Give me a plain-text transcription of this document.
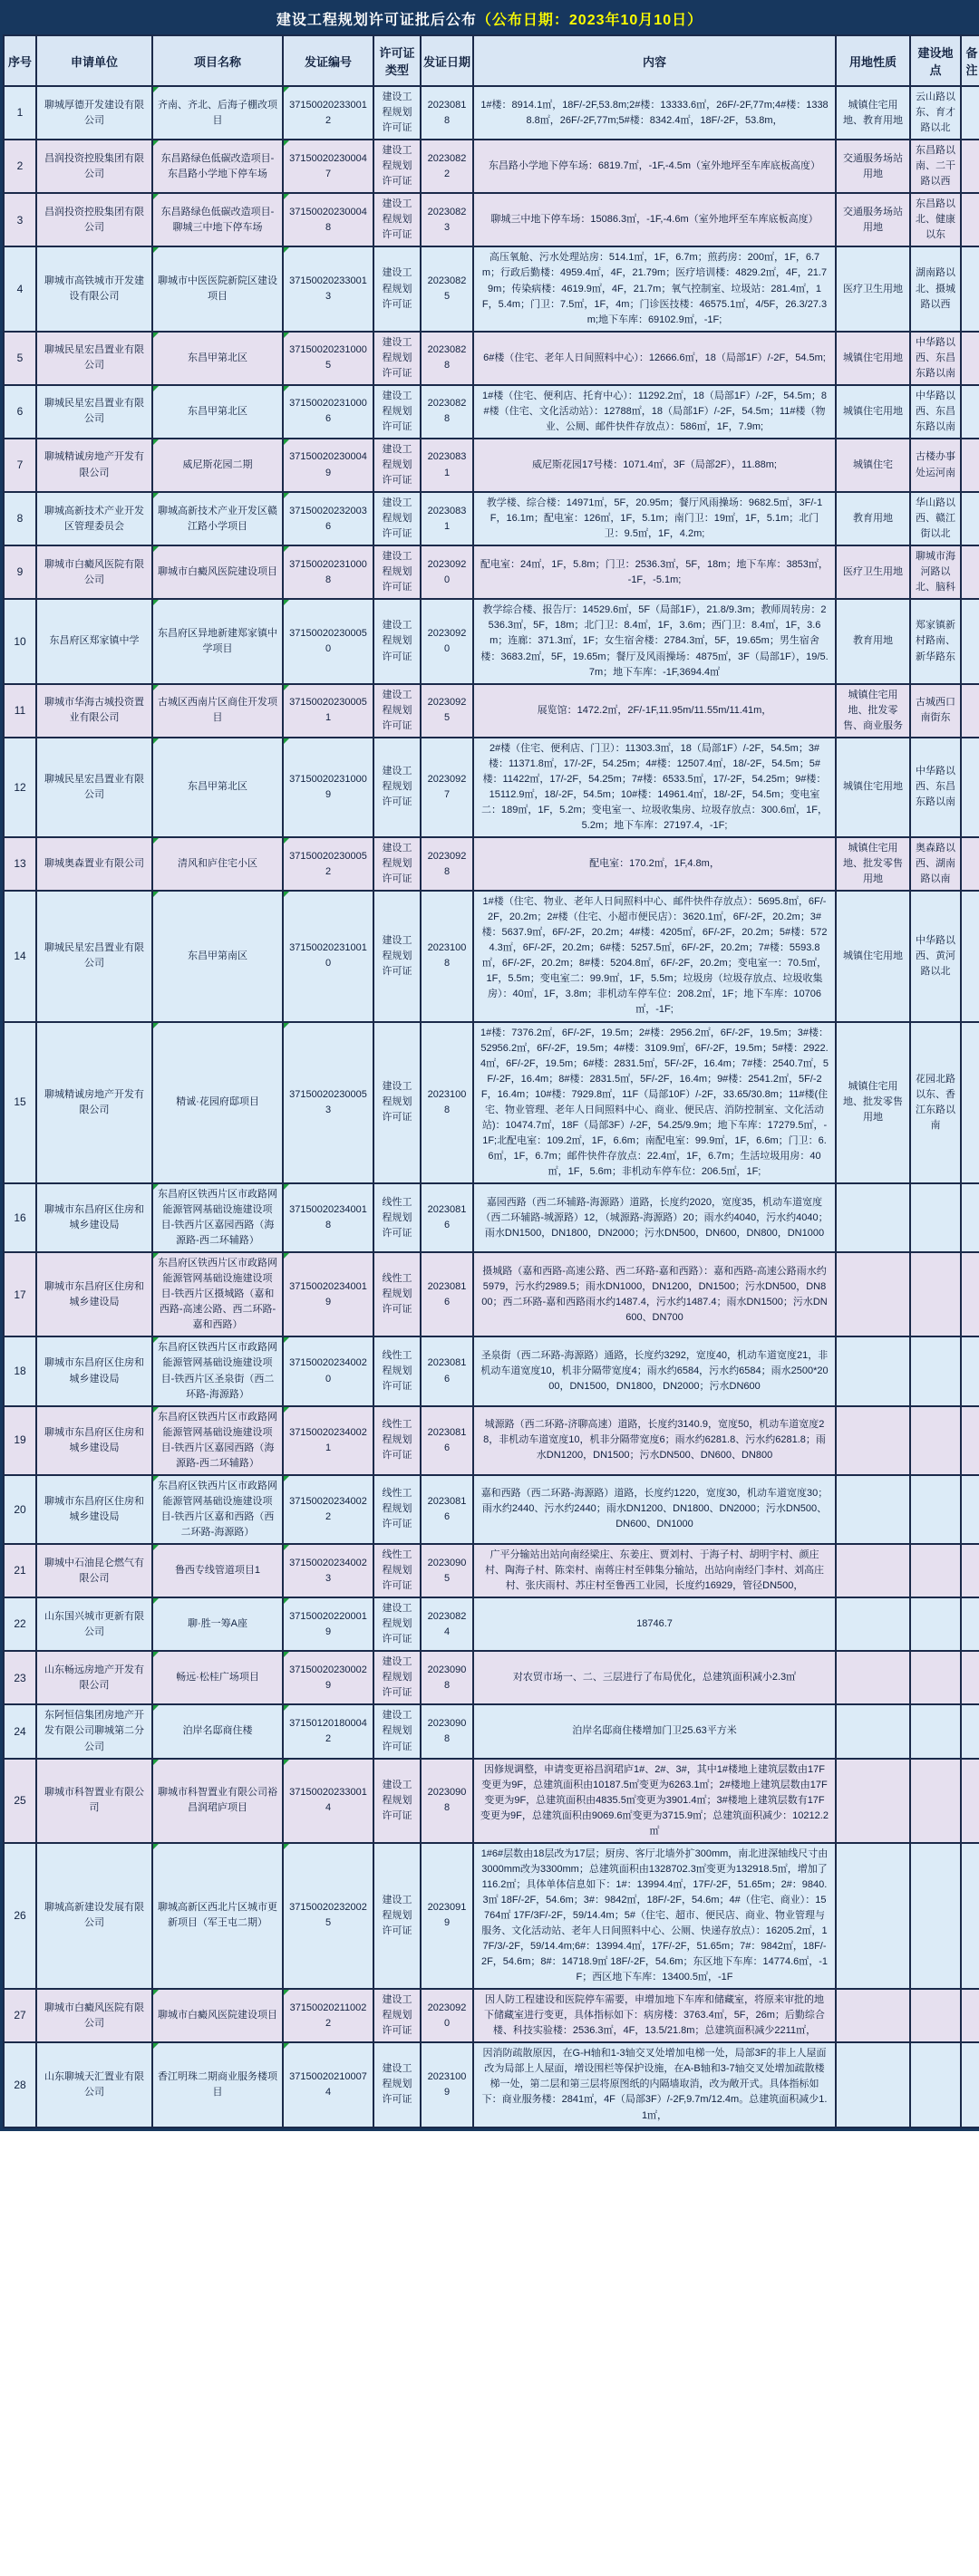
建设工程规划许可证批后公布（公布日期：2023年10月10日）
序号	申请单位	项目名称	发证编号	许可证类型	发证日期	内容	用地性质	建设地点	备注
1	聊城厚德开发建设有限公司	齐南、齐北、后海子棚改项目	371500202330012	建设工程规划许可证	20230818	1#楼：8914.1㎡，18F/-2F,53.8m;2#楼：13333.6㎡，26F/-2F,77m;4#楼：13388.8㎡，26F/-2F,77m;5#楼：8342.4㎡，18F/-2F，53.8m，	城镇住宅用地、教育用地	云山路以东、育才路以北	
2	昌润投资控股集团有限公司	东昌路绿色低碳改造项目-东昌路小学地下停车场	371500202300047	建设工程规划许可证	20230822	东昌路小学地下停车场：6819.7㎡，-1F,-4.5m（室外地坪至车库底板高度）	交通服务场站用地	东昌路以南、二干路以西	
3	昌润投资控股集团有限公司	东昌路绿色低碳改造项目-聊城三中地下停车场	371500202300048	建设工程规划许可证	20230823	聊城三中地下停车场：15086.3㎡，-1F,-4.6m（室外地坪至车库底板高度）	交通服务场站用地	东昌路以北、健康以东	
4	聊城市高铁城市开发建设有限公司	聊城市中医医院新院区建设项目	371500202330013	建设工程规划许可证	20230825	高压氧舱、污水处理站房：514.1㎡，1F，6.7m；煎药房：200㎡，1F，6.7m；行政后勤楼：4959.4㎡，4F，21.79m；医疗培训楼：4829.2㎡，4F，21.79m；传染病楼：4619.9㎡，4F，21.7m；氧气控制室、垃圾站：281.4㎡，1F，5.4m；门卫：7.5㎡，1F，4m；门诊医技楼：46575.1㎡，4/5F，26.3/27.3m;地下车库：69102.9㎡，-1F;	医疗卫生用地	湖南路以北、摄城路以西	
5	聊城民星宏昌置业有限公司	东昌甲第北区	371500202310005	建设工程规划许可证	20230828	6#楼（住宅、老年人日间照料中心）：12666.6㎡，18（局部1F）/-2F，54.5m;	城镇住宅用地	中华路以西、东昌东路以南	
6	聊城民星宏昌置业有限公司	东昌甲第北区	371500202310006	建设工程规划许可证	20230828	1#楼（住宅、便利店、托育中心）：11292.2㎡，18（局部1F）/-2F，54.5m；8#楼（住宅、文化活动站）：12788㎡，18（局部1F）/-2F，54.5m；11#楼（物业、公厕、邮件快件存放点）：586㎡，1F，7.9m;	城镇住宅用地	中华路以西、东昌东路以南	
7	聊城精诚房地产开发有限公司	威尼斯花园二期	371500202300049	建设工程规划许可证	20230831	威尼斯花园17号楼：1071.4㎡，3F（局部2F），11.88m;	城镇住宅	古楼办事处运河南	
8	聊城高新技术产业开发区管理委员会	聊城高新技术产业开发区赣江路小学项目	371500202320036	建设工程规划许可证	20230831	教学楼、综合楼：14971㎡，5F，20.95m；餐厅风雨操场：9682.5㎡，3F/-1F，16.1m；配电室：126㎡，1F，5.1m；南门卫：19㎡，1F，5.1m；北门卫：9.5㎡，1F，4.2m;	教育用地	华山路以西、赣江街以北	
9	聊城市白癜风医院有限公司	聊城市白癜风医院建设项目	371500202310008	建设工程规划许可证	20230920	配电室：24㎡，1F，5.8m；门卫：2536.3㎡，5F，18m；地下车库：3853㎡，-1F，-5.1m;	医疗卫生用地	聊城市海河路以北、脑科	
10	东昌府区郑家镇中学	东昌府区异地新建郑家镇中学项目	371500202300050	建设工程规划许可证	20230920	教学综合楼、报告厅：14529.6㎡，5F（局部1F），21.8/9.3m；教师周转房：2536.3㎡，5F，18m；北门卫：8.4㎡，1F，3.6m；西门卫：8.4㎡，1F，3.6m；连廊：371.3㎡，1F；女生宿舍楼：2784.3㎡，5F，19.65m；男生宿舍楼：3683.2㎡，5F，19.65m；餐厅及风雨操场：4875㎡，3F（局部1F），19/5.7m；地下车库：-1F,3694.4㎡	教育用地	郑家镇新村路南、新华路东	
11	聊城市华海古城投资置业有限公司	古城区西南片区商住开发项目	371500202300051	建设工程规划许可证	20230925	展览馆：1472.2㎡，2F/-1F,11.95m/11.55m/11.41m，	城镇住宅用地、批发零售、商业服务	古城西口南街东	
12	聊城民星宏昌置业有限公司	东昌甲第北区	371500202310009	建设工程规划许可证	20230927	2#楼（住宅、便利店、门卫）：11303.3㎡，18（局部1F）/-2F，54.5m；3#楼：11371.8㎡，17/-2F，54.25m；4#楼：12507.4㎡，18/-2F，54.5m；5#楼：11422㎡，17/-2F，54.25m；7#楼：6533.5㎡，17/-2F，54.25m；9#楼：15112.9㎡，18/-2F，54.5m；10#楼：14961.4㎡，18/-2F，54.5m；变电室二：189㎡，1F，5.2m；变电室一、垃圾收集房、垃圾存放点：300.6㎡，1F，5.2m；地下车库：27197.4，-1F;	城镇住宅用地	中华路以西、东昌东路以南	
13	聊城奥森置业有限公司	清风和庐住宅小区	371500202300052	建设工程规划许可证	20230928	配电室：170.2㎡，1F,4.8m，	城镇住宅用地、批发零售用地	奥森路以西、湖南路以南	
14	聊城民星宏昌置业有限公司	东昌甲第南区	371500202310010	建设工程规划许可证	20231008	1#楼（住宅、物业、老年人日间照料中心、邮件快件存放点）：5695.8㎡，6F/-2F，20.2m；2#楼（住宅、小超市便民店）：3620.1㎡，6F/-2F，20.2m；3#楼：5637.9㎡，6F/-2F，20.2m；4#楼：4205㎡，6F/-2F，20.2m；5#楼：5724.3㎡，6F/-2F，20.2m；6#楼：5257.5㎡，6F/-2F，20.2m；7#楼：5593.8㎡，6F/-2F，20.2m；8#楼：5204.8㎡，6F/-2F，20.2m；变电室一：70.5㎡，1F，5.5m；变电室二：99.9㎡，1F，5.5m；垃圾房（垃圾存放点、垃圾收集房）：40㎡，1F，3.8m；非机动车停车位：208.2㎡，1F；地下车库：10706㎡，-1F;	城镇住宅用地	中华路以西、黄河路以北	
15	聊城精诚房地产开发有限公司	精诚·花园府邸项目	371500202300053	建设工程规划许可证	20231008	1#楼：7376.2㎡，6F/-2F，19.5m；2#楼：2956.2㎡，6F/-2F，19.5m；3#楼：52956.2㎡，6F/-2F，19.5m；4#楼：3109.9㎡，6F/-2F，19.5m；5#楼：2922.4㎡，6F/-2F，19.5m；6#楼：2831.5㎡，5F/-2F，16.4m；7#楼：2540.7㎡，5F/-2F，16.4m；8#楼：2831.5㎡，5F/-2F，16.4m；9#楼：2541.2㎡，5F/-2F，16.4m；10#楼：7929.8㎡，11F（局部10F）/-2F，33.65/30.8m；11#楼(住宅、物业管理、老年人日间照料中心、商业、便民店、消防控制室、文化活动站)：10474.7㎡，18F（局部3F）/-2F，54.25/9.9m；地下车库：17279.5㎡，-1F;北配电室：109.2㎡，1F，6.6m；南配电室：99.9㎡，1F，6.6m；门卫：6.6㎡，1F，6.7m；邮件快件存放点：22.4㎡，1F，6.7m；生活垃圾用房：40㎡，1F，5.6m；非机动车停车位：206.5㎡，1F;	城镇住宅用地、批发零售用地	花园北路以东、香江东路以南	
16	聊城市东昌府区住房和城乡建设局	东昌府区铁西片区市政路网能源管网基础设施建设项目-铁西片区嘉园西路（海源路-西二环辅路）	371500202340018	线性工程规划许可证	20230816	嘉园西路（西二环辅路-海源路）道路，长度约2020，宽度35，机动车道宽度（西二环辅路-城源路）12，（城源路-海源路）20；雨水约4040，污水约4040；雨水DN1500，DN1800，DN2000；污水DN500，DN600，DN800，DN1000			
17	聊城市东昌府区住房和城乡建设局	东昌府区铁西片区市政路网能源管网基础设施建设项目-铁西片区摄城路（嘉和西路-高速公路、西二环路-嘉和西路）	371500202340019	线性工程规划许可证	20230816	摄城路（嘉和西路-高速公路、西二环路-嘉和西路）：嘉和西路-高速公路雨水约5979，污水约2989.5；雨水DN1000，DN1200，DN1500；污水DN500，DN800；西二环路-嘉和西路雨水约1487.4，污水约1487.4；雨水DN1500；污水DN600、DN700			
18	聊城市东昌府区住房和城乡建设局	东昌府区铁西片区市政路网能源管网基础设施建设项目-铁西片区圣泉街（西二环路-海源路）	371500202340020	线性工程规划许可证	20230816	圣泉街（西二环路-海源路）通路，长度约3292，宽度40，机动车道宽度21，非机动车道宽度10，机非分隔带宽度4；雨水约6584，污水约6584；雨水2500*2000，DN1500，DN1800，DN2000；污水DN600			
19	聊城市东昌府区住房和城乡建设局	东昌府区铁西片区市政路网能源管网基础设施建设项目-铁西片区嘉园西路（海源路-西二环辅路）	371500202340021	线性工程规划许可证	20230816	城源路（西二环路-济聊高速）道路，长度约3140.9，宽度50，机动车道宽度28，非机动车道宽度10，机非分隔带宽度6；雨水约6281.8、污水约6281.8；雨水DN1200，DN1500；污水DN500、DN600、DN800			
20	聊城市东昌府区住房和城乡建设局	东昌府区铁西片区市政路网能源管网基础设施建设项目-铁西片区嘉和西路（西二环路-海源路）	371500202340022	线性工程规划许可证	20230816	嘉和西路（西二环路-海源路）道路，长度约1220，宽度30，机动车道宽度30；雨水约2440、污水约2440；雨水DN1200、DN1800、DN2000；污水DN500、DN600、DN1000			
21	聊城中石油昆仑燃气有限公司	鲁西专线管道项目1	371500202340023	线性工程规划许可证	20230905	广平分输站出站向南经梁庄、东姜庄、贾刘村、于海子村、胡明宇村、颜庄村、陶海子村、陈栾村、南蒋庄村至韩集分输站，出站向南经门李村、刘高庄村、张庆雨村、苏庄村至鲁西工业园，长度约16929，管径DN500，			
22	山东国兴城市更新有限公司	聊·胜一筹A座	371500202200019	建设工程规划许可证	20230824	18746.7			
23	山东畅远房地产开发有限公司	畅远·松桂广场项目	371500202300029	建设工程规划许可证	20230908	对农贸市场一、二、三层进行了布局优化，总建筑面积减小2.3㎡			
24	东阿恒信集团房地产开发有限公司聊城第二分公司	泊岸名邸商住楼	371501201800042	建设工程规划许可证	20230908	泊岸名邸商住楼增加门卫25.63平方米			
25	聊城市科智置业有限公司	聊城市科智置业有限公司裕昌润珺庐项目	371500202330014	建设工程规划许可证	20230908	因修规调整，申请变更裕昌润珺庐1#、2#、3#，其中1#楼地上建筑层数由17F变更为9F，总建筑面积由10187.5㎡变更为6263.1㎡；2#楼地上建筑层数由17F变更为9F，总建筑面积由4835.5㎡变更为3901.4㎡；3#楼地上建筑层数有17F变更为9F，总建筑面积由9069.6㎡变更为3715.9㎡；总建筑面积减少：10212.2㎡			
26	聊城高新建设发展有限公司	聊城高新区西北片区城市更新项目（军王屯二期）	371500202320025	建设工程规划许可证	20230919	1#6#层数由18层改为17层；厨房、客厅北墙外扩300mm，南北进深轴线尺寸由3000mm改为3300mm；总建筑面积由1328702.3㎡变更为132918.5㎡，增加了116.2㎡；具体单体信息如下：1#：13994.4㎡，17F/-2F，51.65m；2#：9840.3㎡ 18F/-2F，54.6m；3#：9842㎡，18F/-2F，54.6m；4#（住宅、商业）：15764㎡ 17F/3F/-2F，59/14.4m；5#（住宅、超市、便民店、商业、物业管理与服务、文化活动站、老年人日间照料中心、公厕、快递存放点）：16205.2㎡，17F/3/-2F，59/14.4m;6#：13994.4㎡，17F/-2F，51.65m；7#：9842㎡，18F/-2F，54.6m；8#：14718.9㎡ 18F/-2F，54.6m；东区地下车库：14774.6㎡，-1F；西区地下车库：13400.5㎡，-1F			
27	聊城市白癜风医院有限公司	聊城市白癜风医院建设项目	371500202110022	建设工程规划许可证	20230920	因人防工程建设和医院停车需要，申增加地下车库和储藏室，将原来审批的地下储藏室进行变更，具体指标如下：病房楼：3763.4㎡，5F，26m；后勤综合楼、科技实验楼：2536.3㎡，4F，13.5/21.8m；总建筑面积减少2211㎡，			
28	山东聊城天汇置业有限公司	香江明珠二期商业服务楼项目	371500202100074	建设工程规划许可证	20231009	因消防疏散原因，在G-H轴和1-3轴交叉处增加电梯一处，局部3F的非上人屋面改为局部上人屋面，增设围栏等保护设施，在A-B轴和3-7轴交叉处增加疏散楼梯一处，第二层和第三层将原图纸的内隔墙取消，改为敞开式。具体指标如下：商业服务楼：2841㎡，4F（局部3F）/-2F,9.7m/12.4m。总建筑面积减少1.1㎡，			
